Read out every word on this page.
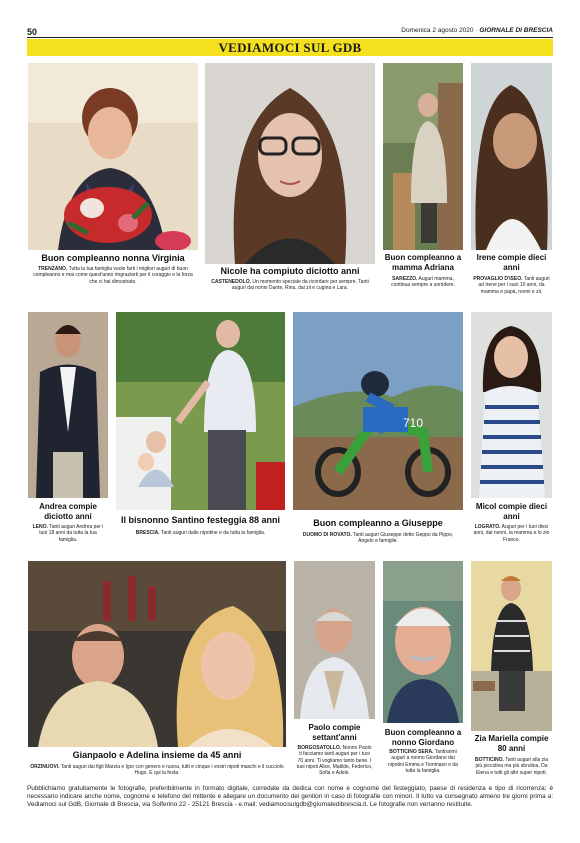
50	Domenica 2 agosto 2020 · GIORNALE DI BRESCIA
VEDIAMOCI SUL GDB
Buon compleanno nonna Virginia
TRENZANO. Tutta la tua famiglia vuole farti i migliori auguri di buon compleanno e mai come quest'anno ringraziarti per il coraggio e la forza che ci hai dimostrato.
Nicole ha compiuto diciotto anni
CASTENEDOLO. Un momento speciale da ricordare per sempre. Tanti auguri dai nonni Dante, Rina, dai zii e cugina e Lara.
Buon compleanno a mamma Adriana
SAREZZO. Auguri mamma, continua sempre a sorridere.
Irene compie dieci anni
PROVAGLIO D'ISEO. Tanti auguri ad Irene per i suoi 10 anni, da mamma e papà, nonni e zii.
Andrea compie diciotto anni
LENO. Tanti auguri Andrea per i tuoi 18 anni da tutta la tua famiglia.
Il bisnonno Santino festeggia 88 anni
BRESCIA. Tanti auguri dalle nipotine e da tutta la famiglia.
710
Buon compleanno a Giuseppe
DUOMO DI ROVATO. Tanti auguri Giuseppe detto Geppo da Pippo, Angelo e famiglie.
Micol compie dieci anni
LOGRATO. Auguri per i tuoi dieci anni, dai nonni, la mamma e lo zio Franco.
Gianpaolo e Adelina insieme da 45 anni
ORZINUOVI. Tanti auguri dai figli Marzia e Igor con genero e nuora, tutti e cinque i vostri nipoti maschi e il cucciolo Hugo. E qui la festa.
Paolo compie settant'anni
BORGOSATOLLO. Nonno Paolo ti facciamo tanti auguri per i tuoi 70 anni. Ti vogliamo tanto bene. I tuoi nipoti Alice, Matilde, Federico, Sofia e Adele.
Buon compleanno a nonno Giordano
BOTTICINO SERA. Tantissimi auguri a nonno Giordano dai nipotini Emma e Tommaso e da tutta la famiglia.
Zia Mariella compie 80 anni
BOTTICINO. Tanti auguri alla zia più piccolina ma più sbrulina, Da Elena e tutti gli altri super nipoti.
Pubblichiamo gratuitamente le fotografie, preferibilmente in formato digitale, corredate da dedica con nome e cognome del festeggiato, paese di residenza e tipo di ricorrenza; è necessario indicare anche nome, cognome e telefono del mittente e allegare un documento dei genitori in caso di fotografie con minori. Il tutto va consegnato almeno tre giorni prima a: Vediamoci sul GdB, Giornale di Brescia, via Solferino 22 - 25121 Brescia - e.mail: vediamocisulgdb@giornaledibrescia.it. Le fotografie non verranno restituite.
